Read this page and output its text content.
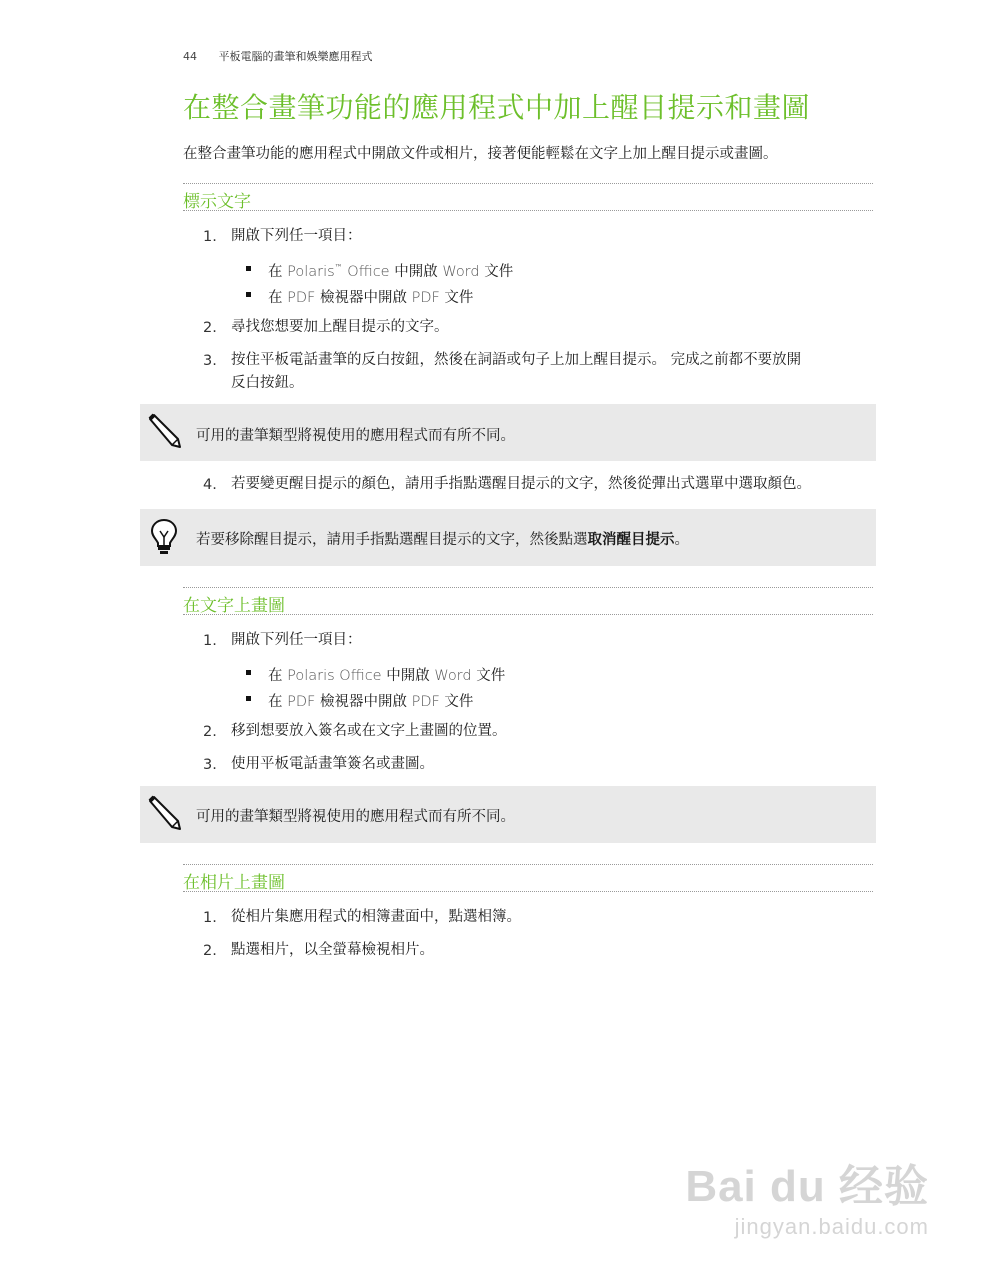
44 平板電腦的畫筆和娛樂應用程式
在整合畫筆功能的應用程式中加上醒目提示和畫圖
在整合畫筆功能的應用程式中開啟文件或相片，接著便能輕鬆在文字上加上醒目提示或畫圖。
標示文字
1. 開啟下列任一項目：
在 Polaris™ Office 中開啟 Word 文件
在 PDF 檢視器中開啟 PDF 文件
2. 尋找您想要加上醒目提示的文字。
3. 按住平板電話畫筆的反白按鈕，然後在詞語或句子上加上醒目提示。 完成之前都不要放開
反白按鈕。
可用的畫筆類型將視使用的應用程式而有所不同。
4. 若要變更醒目提示的顏色，請用手指點選醒目提示的文字，然後從彈出式選單中選取顏色。
若要移除醒目提示，請用手指點選醒目提示的文字，然後點選取消醒目提示。
在文字上畫圖
1. 開啟下列任一項目：
在 Polaris Office 中開啟 Word 文件
在 PDF 檢視器中開啟 PDF 文件
2. 移到想要放入簽名或在文字上畫圖的位置。
3. 使用平板電話畫筆簽名或畫圖。
可用的畫筆類型將視使用的應用程式而有所不同。
在相片上畫圖
1. 從相片集應用程式的相簿畫面中，點選相簿。
2. 點選相片，以全螢幕檢視相片。
Bai du 经验
jingyan.baidu.com
